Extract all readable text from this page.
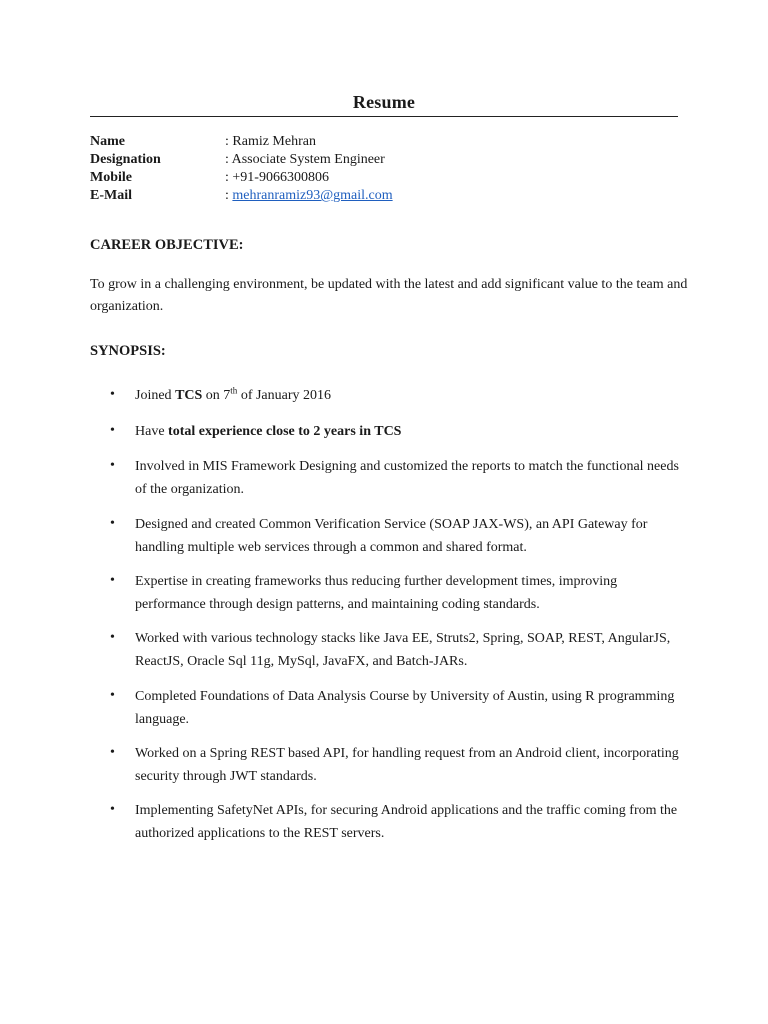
Resume
Name	: Ramiz Mehran
Designation	: Associate System Engineer
Mobile	: +91-9066300806
E-Mail	: mehranramiz93@gmail.com
CAREER OBJECTIVE:
To grow in a challenging environment, be updated with the latest and add significant value to the team and organization.
SYNOPSIS:
• Joined TCS on 7th of January 2016
• Have total experience close to 2 years in TCS
• Involved in MIS Framework Designing and customized the reports to match the functional needs of the organization.
• Designed and created Common Verification Service (SOAP JAX-WS), an API Gateway for handling multiple web services through a common and shared format.
• Expertise in creating frameworks thus reducing further development times, improving performance through design patterns, and maintaining coding standards.
• Worked with various technology stacks like Java EE, Struts2, Spring, SOAP, REST, AngularJS, ReactJS, Oracle Sql 11g, MySql, JavaFX, and Batch-JARs.
• Completed Foundations of Data Analysis Course by University of Austin, using R programming language.
• Worked on a Spring REST based API, for handling request from an Android client, incorporating security through JWT standards.
• Implementing SafetyNet APIs, for securing Android applications and the traffic coming from the authorized applications to the REST servers.
